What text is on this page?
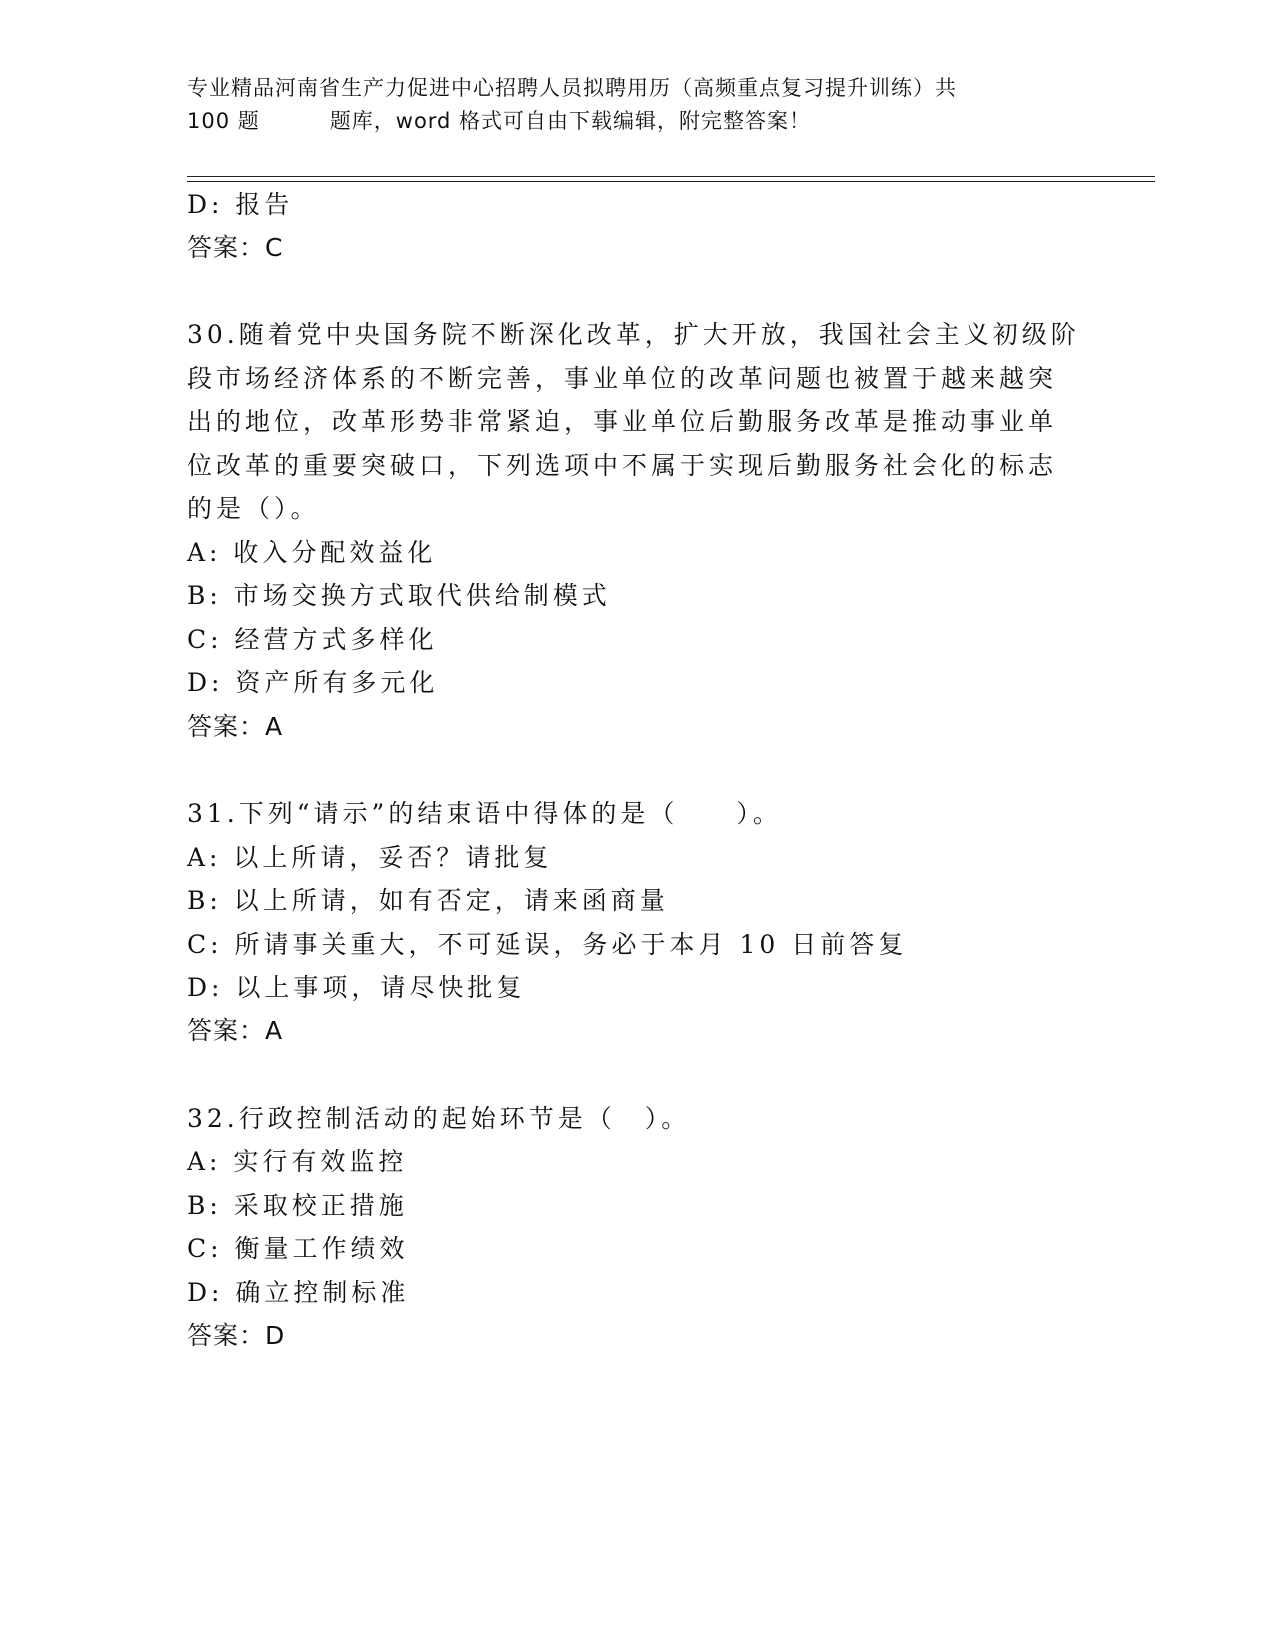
专业精品河南省生产力促进中心招聘人员拟聘用历（高频重点复习提升训练）共
100 题	题库，word 格式可自由下载编辑，附完整答案！
D: 报告
答案：C
30.随着党中央国务院不断深化改革，扩大开放，我国社会主义初级阶
段市场经济体系的不断完善，事业单位的改革问题也被置于越来越突
出的地位，改革形势非常紧迫，事业单位后勤服务改革是推动事业单
位改革的重要突破口，下列选项中不属于实现后勤服务社会化的标志
的是（）。
A: 收入分配效益化
B: 市场交换方式取代供给制模式
C: 经营方式多样化
D: 资产所有多元化
答案：A
31.下列“请示”的结束语中得体的是（　　）。
A: 以上所请，妥否？请批复
B: 以上所请，如有否定，请来函商量
C: 所请事关重大，不可延误，务必于本月 10 日前答复
D: 以上事项，请尽快批复
答案：A
32.行政控制活动的起始环节是（　）。
A: 实行有效监控
B: 采取校正措施
C: 衡量工作绩效
D: 确立控制标准
答案：D
